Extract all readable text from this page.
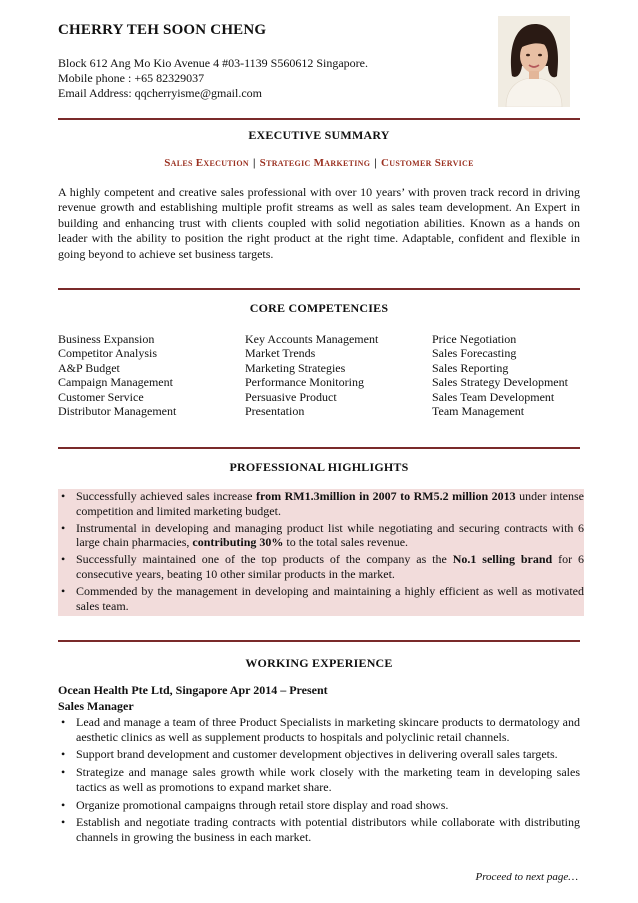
CHERRY TEH SOON CHENG
Block 612 Ang Mo Kio Avenue 4 #03-1139 S560612 Singapore.
Mobile phone : +65 82329037
Email Address: qqcherryisme@gmail.com
EXECUTIVE SUMMARY
Sales Execution | Strategic Marketing | Customer Service
A highly competent and creative sales professional with over 10 years’ with proven track record in driving revenue growth and establishing multiple profit streams as well as sales team development. An Expert in building and enhancing trust with clients coupled with solid negotiation abilities. Known as a hands on leader with the ability to position the right product at the right time. Adaptable, confident and flexible in going beyond to achieve set business targets.
CORE COMPETENCIES
Business Expansion
Competitor Analysis
A&P Budget
Campaign Management
Customer Service
Distributor Management
Key Accounts Management
Market Trends
Marketing Strategies
Performance Monitoring
Persuasive Product
Presentation
Price Negotiation
Sales Forecasting
Sales Reporting
Sales Strategy Development
Sales Team Development
Team Management
PROFESSIONAL HIGHLIGHTS
• Successfully achieved sales increase from RM1.3million in 2007 to RM5.2 million 2013 under intense competition and limited marketing budget.
• Instrumental in developing and managing product list while negotiating and securing contracts with 6 large chain pharmacies, contributing 30% to the total sales revenue.
• Successfully maintained one of the top products of the company as the No.1 selling brand for 6 consecutive years, beating 10 other similar products in the market.
• Commended by the management in developing and maintaining a highly efficient as well as motivated sales team.
WORKING EXPERIENCE
Ocean Health Pte Ltd, Singapore Apr 2014 – Present
Sales Manager
• Lead and manage a team of three Product Specialists in marketing skincare products to dermatology and aesthetic clinics as well as supplement products to hospitals and polyclinic retail channels.
• Support brand development and customer development objectives in delivering overall sales targets.
• Strategize and manage sales growth while work closely with the marketing team in developing sales tactics as well as promotions to expand market share.
• Organize promotional campaigns through retail store display and road shows.
• Establish and negotiate trading contracts with potential distributors while collaborate with distributing channels in growing the business in each market.
Proceed to next page…
